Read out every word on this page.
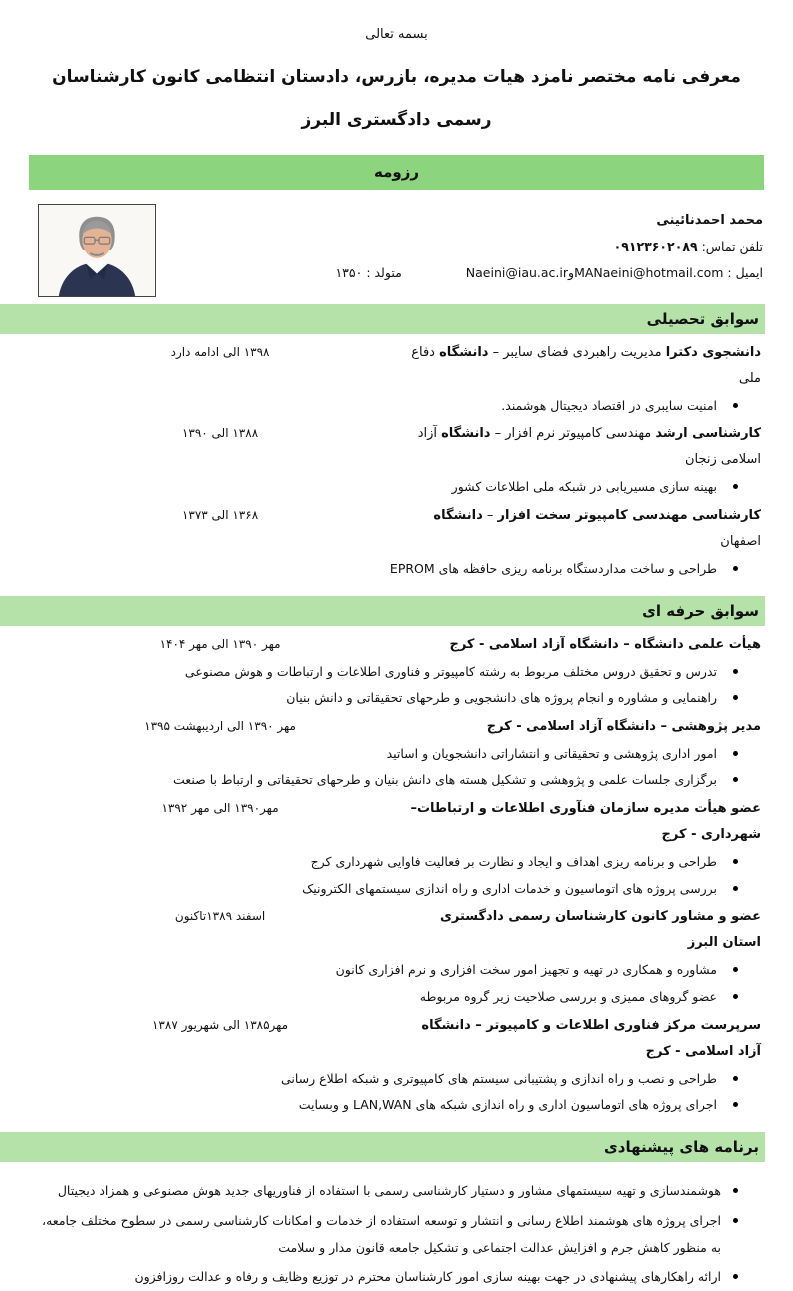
بسمه تعالی
معرفی نامه مختصر نامزد هیات مدیره، بازرس، دادستان انتظامی کانون کارشناسان رسمی دادگستری البرز
رزومه
محمد احمدنائینی
تلفن تماس: ۰۹۱۲۳۶۰۲۰۸۹
ایمیل : Naeini@iau.ac.irوMANaeini@hotmail.com
متولد : ۱۳۵۰
سوابق تحصیلی
دانشجوی دکترا مدیریت راهبردی فضای سایبر – دانشگاه دفاع ملی
۱۳۹۸ الی ادامه دارد
امنیت سایبری در اقتصاد دیجیتال هوشمند.
کارشناسی ارشد مهندسی کامپیوتر نرم افزار – دانشگاه آزاد اسلامی زنجان
۱۳۸۸ الی ۱۳۹۰
بهینه سازی مسیریابی در شبکه ملی اطلاعات کشور
کارشناسی مهندسی کامپیوتر سخت افزار – دانشگاه اصفهان
۱۳۶۸ الی ۱۳۷۳
طراحی و ساخت مداردستگاه برنامه ریزی حافظه های EPROM
سوابق حرفه ای
هیأت علمی دانشگاه – دانشگاه آزاد اسلامی - کرج
مهر ۱۳۹۰ الی مهر ۱۴۰۴
تدرس و تحقیق دروس مختلف مربوط به رشته کامپیوتر و فناوری اطلاعات و ارتباطات و هوش مصنوعی
راهنمایی و مشاوره و انجام پروژه های دانشجویی و طرحهای تحقیقاتی و دانش بنیان
مدیر پژوهشی – دانشگاه آزاد اسلامی - کرج
مهر ۱۳۹۰ الی اردیبهشت ۱۳۹۵
امور اداری پژوهشی و تحقیقاتی و انتشاراتی دانشجویان و اساتید
برگزاری جلسات علمی و پژوهشی و تشکیل هسته های دانش بنیان و طرحهای تحقیقاتی و ارتباط با صنعت
عضو هیأت مدیره سازمان فنآوری اطلاعات و ارتباطات– شهرداری - کرج
مهر۱۳۹۰ الی مهر ۱۳۹۲
طراحی و برنامه ریزی اهداف و ایجاد و نظارت بر فعالیت فاوایی شهرداری کرج
بررسی پروژه های اتوماسیون و خدمات اداری و راه اندازی سیستمهای الکترونیک
عضو و مشاور کانون کارشناسان رسمی دادگستری استان البرز
اسفند ۱۳۸۹تاکنون
مشاوره و همکاری در تهیه و تجهیز امور سخت افزاری و نرم افزاری کانون
عضو گروهای ممیزی و بررسی صلاحیت زیر گروه مربوطه
سرپرست مرکز فناوری اطلاعات و کامپیوتر – دانشگاه آزاد اسلامی - کرج
مهر۱۳۸۵ الی شهریور ۱۳۸۷
طراحی و نصب و راه اندازی و پشتیبانی سیستم های کامپیوتری و شبکه اطلاع رسانی
اجرای پروژه های اتوماسیون اداری و راه اندازی شبکه های LAN,WAN و وبسایت
برنامه های پیشنهادی
هوشمندسازی و تهیه سیستمهای مشاور و دستیار کارشناسی رسمی با استفاده از فناوریهای جدید هوش مصنوعی و همزاد دیجیتال
اجرای پروژه های هوشمند اطلاع رسانی و انتشار و توسعه استفاده از خدمات و امکانات کارشناسی رسمی در سطوح مختلف جامعه، به منظور کاهش جرم و افزایش عدالت اجتماعی و تشکیل جامعه قانون مدار و سلامت
ارائه راهکارهای پیشنهادی در جهت بهینه سازی امور کارشناسان محترم در توزیع وظایف و رفاه و عدالت روزافزون
